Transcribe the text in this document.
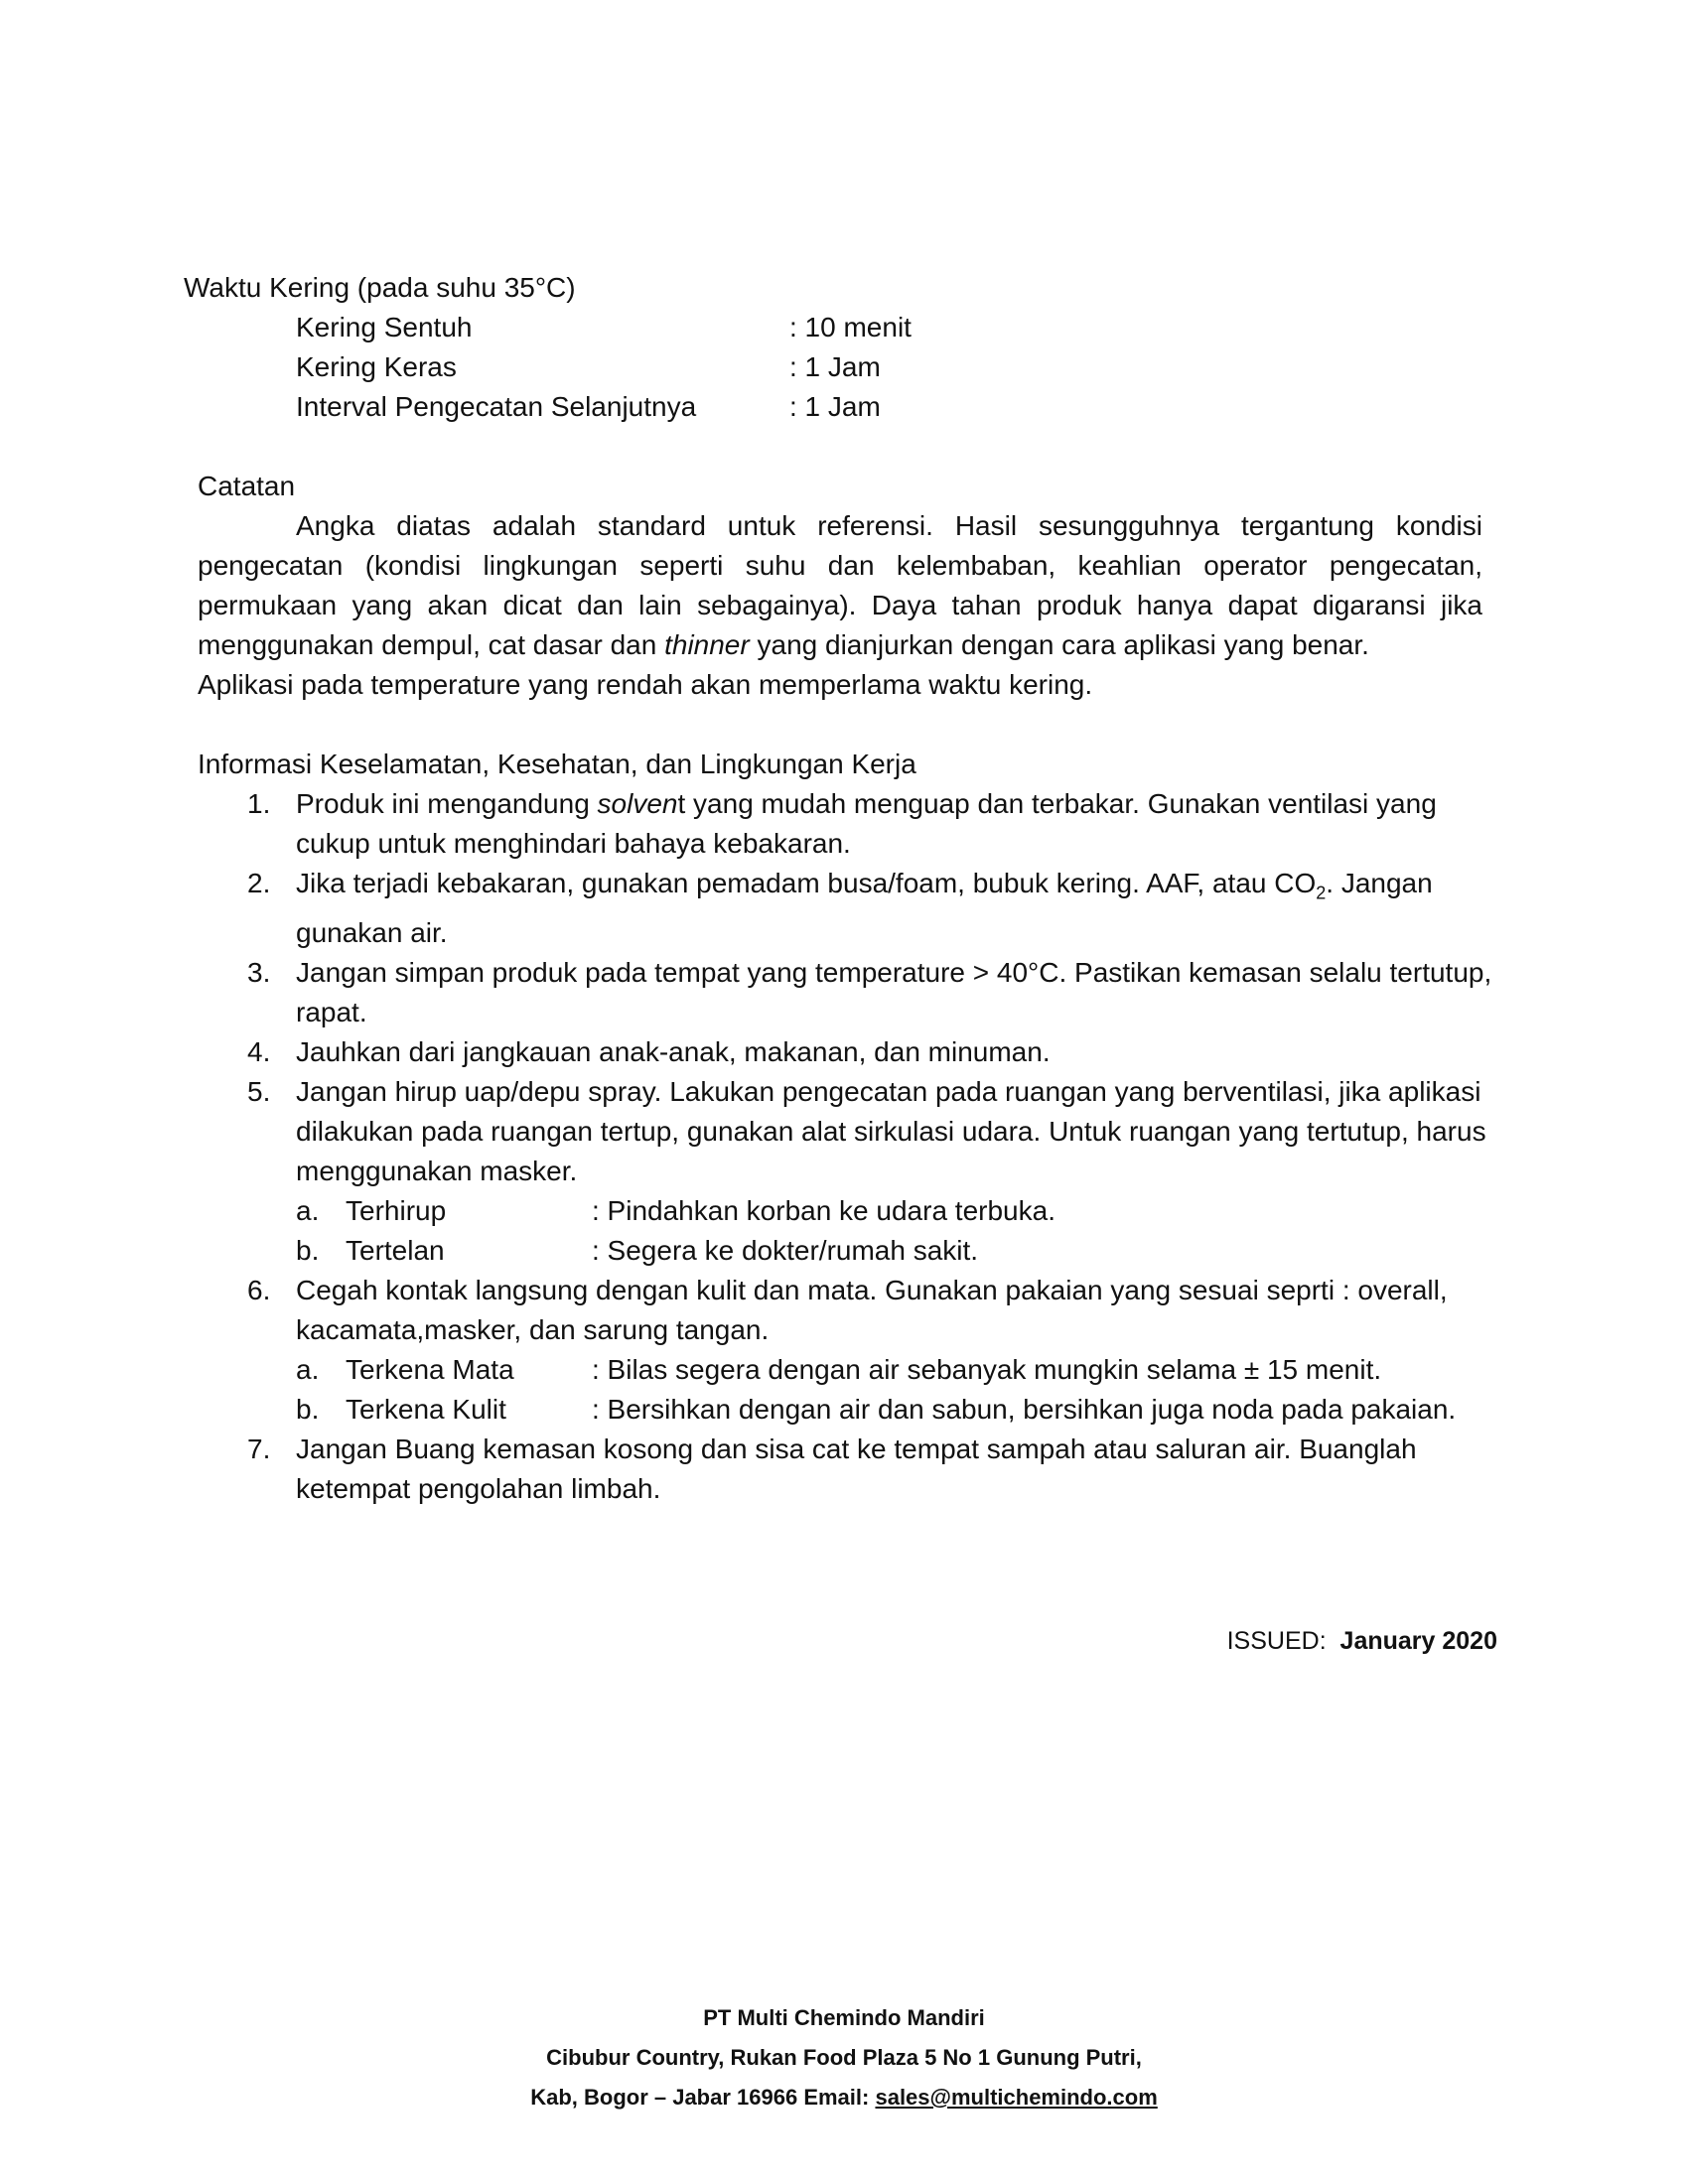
Waktu Kering (pada suhu 35°C)
Kering Sentuh	: 10 menit
Kering Keras	: 1 Jam
Interval Pengecatan Selanjutnya	: 1 Jam
Catatan

Angka diatas adalah standard untuk referensi. Hasil sesungguhnya tergantung kondisi pengecatan (kondisi lingkungan seperti suhu dan kelembaban, keahlian operator pengecatan, permukaan yang akan dicat dan lain sebagainya). Daya tahan produk hanya dapat digaransi jika menggunakan dempul, cat dasar dan thinner yang dianjurkan dengan cara aplikasi yang benar.

Aplikasi pada temperature yang rendah akan memperlama waktu kering.

Informasi Keselamatan, Kesehatan, dan Lingkungan Kerja
1. Produk ini mengandung solvent yang mudah menguap dan terbakar. Gunakan ventilasi yang cukup untuk menghindari bahaya kebakaran.
2. Jika terjadi kebakaran, gunakan pemadam busa/foam, bubuk kering. AAF, atau $CO_2$. Jangan gunakan air.
3. Jangan simpan produk pada tempat yang temperature > 40°C. Pastikan kemasan selalu tertutup, rapat.
4. Jauhkan dari jangkauan anak-anak, makanan, dan minuman.
5. Jangan hirup uap/depu spray. Lakukan pengecatan pada ruangan yang berventilasi, jika aplikasi dilakukan pada ruangan tertup, gunakan alat sirkulasi udara. Untuk ruangan yang tertutup, harus menggunakan masker.
a. Terhirup	: Pindahkan korban ke udara terbuka.
b. Tertelan	: Segera ke dokter/rumah sakit.
6. Cegah kontak langsung dengan kulit dan mata. Gunakan pakaian yang sesuai seprti : overall, kacamata,masker, dan sarung tangan.
a. Terkena Mata	: Bilas segera dengan air sebanyak mungkin selama ± 15 menit.
b. Terkena Kulit	: Bersihkan dengan air dan sabun, bersihkan juga noda pada pakaian.
7. Jangan Buang kemasan kosong dan sisa cat ke tempat sampah atau saluran air. Buanglah ketempat pengolahan limbah.
ISSUED: January 2020
PT Multi Chemindo Mandiri
Cibubur Country, Rukan Food Plaza 5 No 1 Gunung Putri,
Kab, Bogor – Jabar 16966 Email: sales@multichemindo.com
